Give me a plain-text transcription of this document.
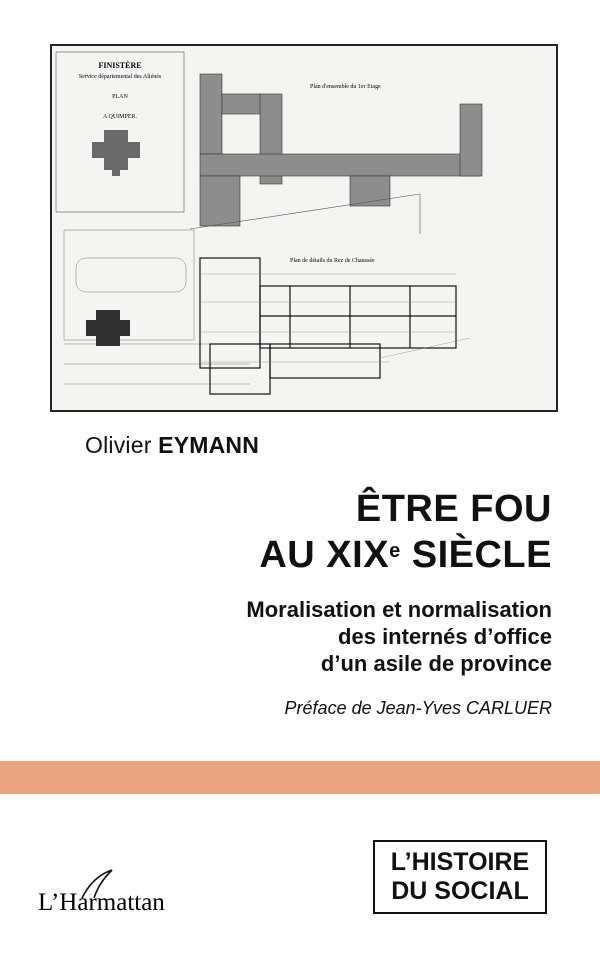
FINISTÈRE
Service départemental des Aliénés
PLAN
A QUIMPER.
Plan d'ensemble du 1er Etage
Plan de détails du Rez de Chaussée
Olivier EYMANN
ÊTRE FOU
AU XIXe SIÈCLE
Moralisation et normalisation
des internés d’office
d’un asile de province
Préface de Jean-Yves CARLUER
L’HISTOIRE
DU SOCIAL
L’Harmattan
